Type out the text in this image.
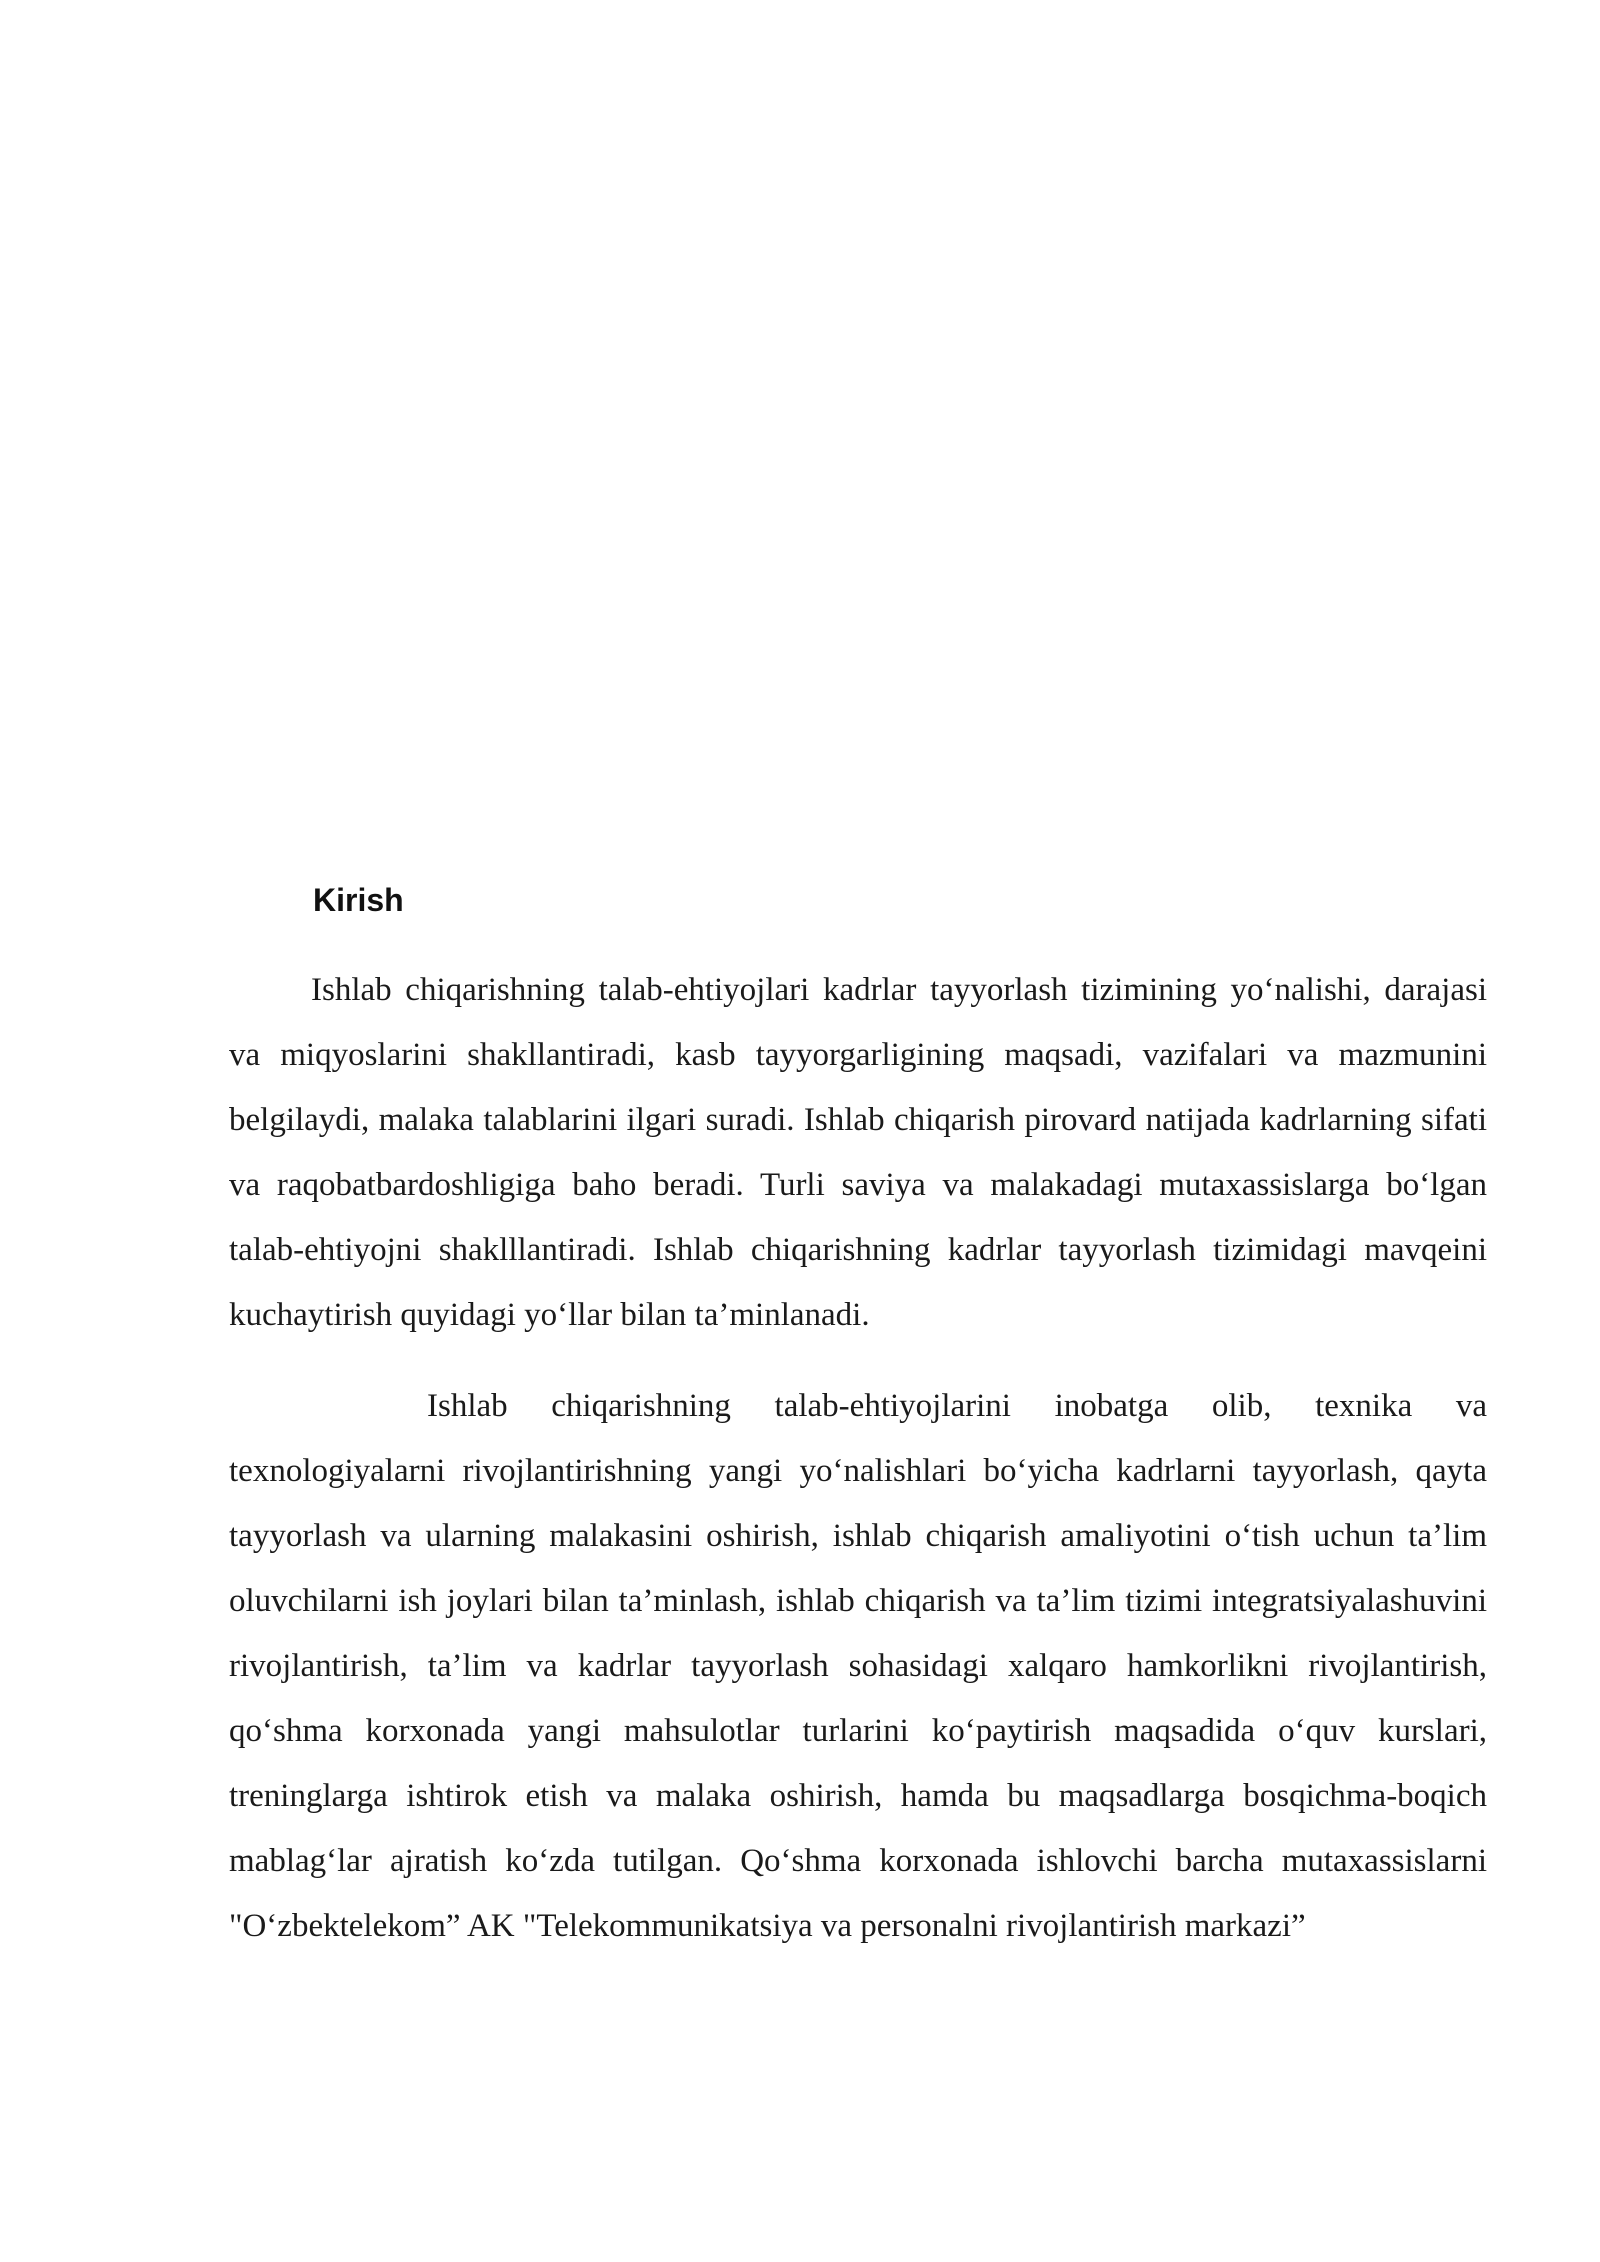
Kirish

Ishlab chiqarishning talab-ehtiyojlari kadrlar tayyorlash tizimining yo‘nalishi, darajasi va miqyoslarini shakllantiradi, kasb tayyorgarligining maqsadi, vazifalari va mazmunini belgilaydi, malaka talablarini ilgari suradi. Ishlab chiqarish pirovard natijada kadrlarning sifati va raqobatbardoshligiga baho beradi. Turli saviya va malakadagi mutaxassislarga bo‘lgan talab-ehtiyojni shaklllantiradi. Ishlab chiqarishning kadrlar tayyorlash tizimidagi mavqeini kuchaytirish quyidagi yo‘llar bilan ta’minlanadi.

Ishlab chiqarishning talab-ehtiyojlarini inobatga olib, texnika va texnologiyalarni rivojlantirishning yangi yo‘nalishlari bo‘yicha kadrlarni tayyorlash, qayta tayyorlash va ularning malakasini oshirish, ishlab chiqarish amaliyotini o‘tish uchun ta’lim oluvchilarni ish joylari bilan ta’minlash, ishlab chiqarish va ta’lim tizimi integratsiyalashuvini rivojlantirish, ta’lim va kadrlar tayyorlash sohasidagi xalqaro hamkorlikni rivojlantirish, qo‘shma korxonada yangi mahsulotlar turlarini ko‘paytirish maqsadida o‘quv kurslari, treninglarga ishtirok etish va malaka oshirish, hamda bu maqsadlarga bosqichma-boqich mablag‘lar ajratish ko‘zda tutilgan. Qo‘shma korxonada ishlovchi barcha mutaxassislarni "O‘zbektelekom” AK "Telekommunikatsiya va personalni rivojlantirish markazi”
